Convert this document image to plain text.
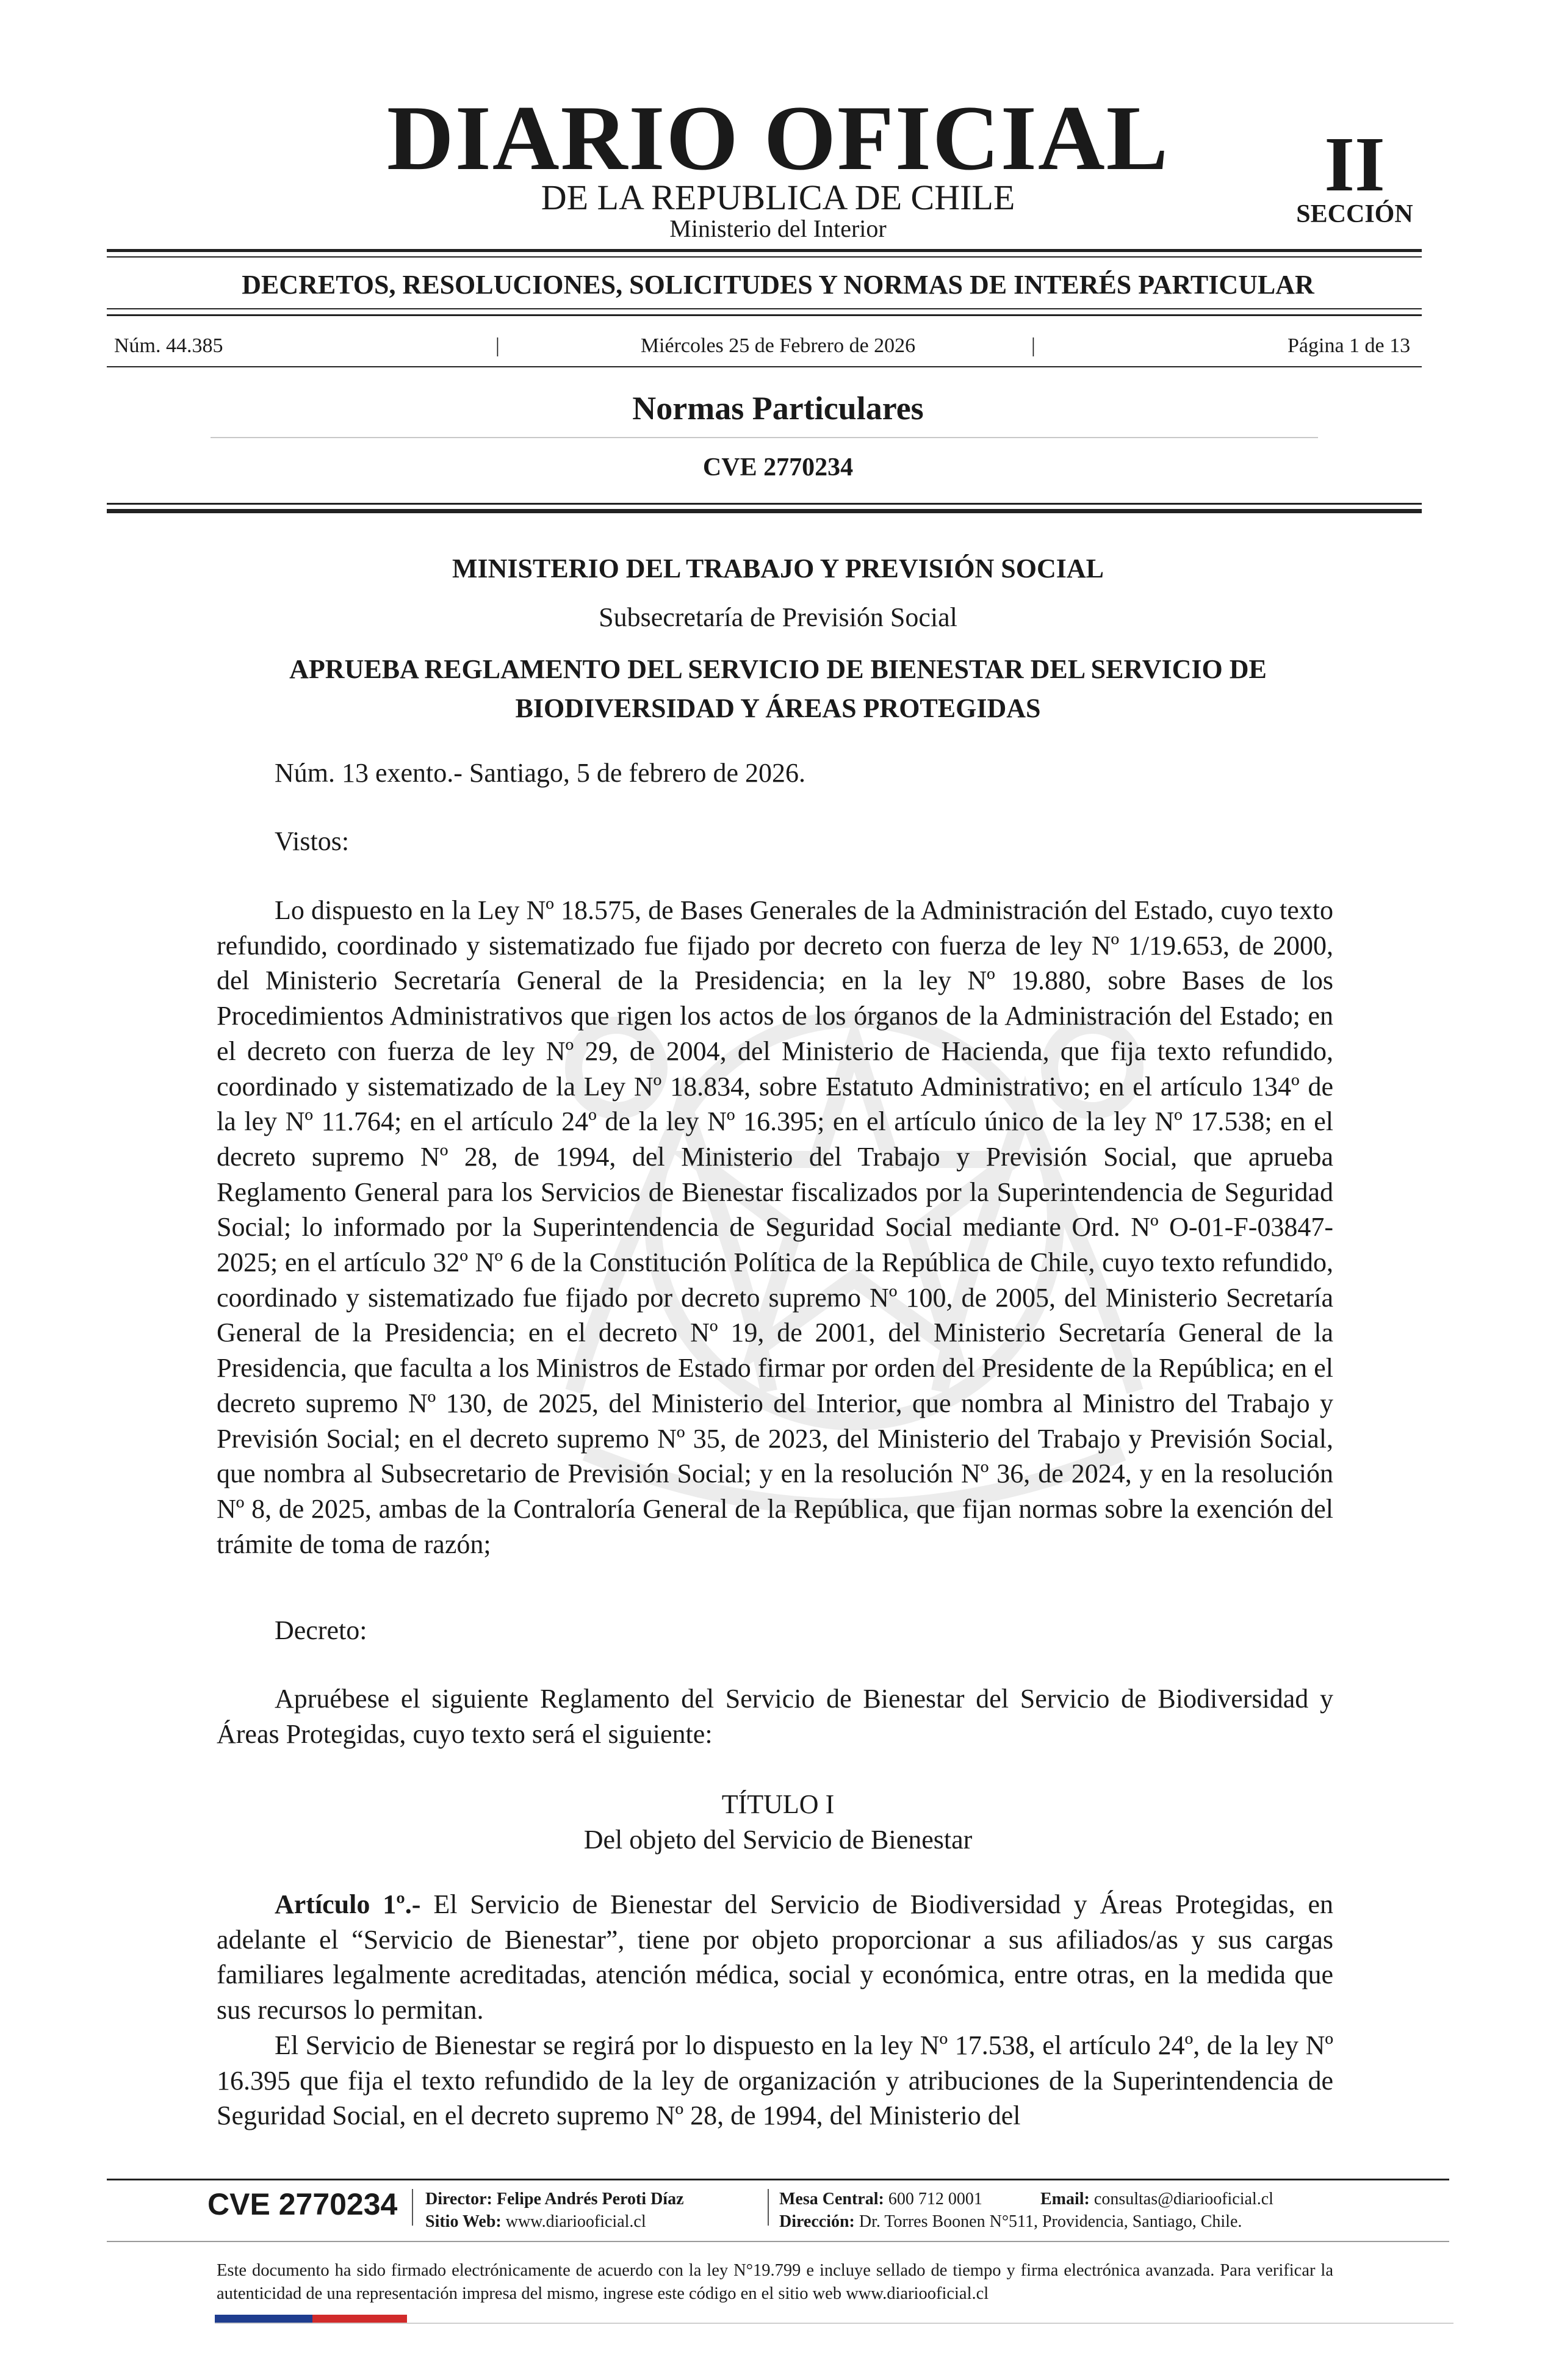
DIARIO OFICIAL
DE LA REPUBLICA DE CHILE
Ministerio del Interior
II
SECCIÓN
DECRETOS, RESOLUCIONES, SOLICITUDES Y NORMAS DE INTERÉS PARTICULAR
Núm. 44.385	|	Miércoles 25 de Febrero de 2026	|	Página 1 de 13
Normas Particulares
CVE 2770234
MINISTERIO DEL TRABAJO Y PREVISIÓN SOCIAL
Subsecretaría de Previsión Social
APRUEBA REGLAMENTO DEL SERVICIO DE BIENESTAR DEL SERVICIO DE
BIODIVERSIDAD Y ÁREAS PROTEGIDAS
Núm. 13 exento.- Santiago, 5 de febrero de 2026.
Vistos:

Lo dispuesto en la Ley Nº 18.575, de Bases Generales de la Administración del Estado, cuyo texto refundido, coordinado y sistematizado fue fijado por decreto con fuerza de ley Nº 1/19.653, de 2000, del Ministerio Secretaría General de la Presidencia; en la ley Nº 19.880, sobre Bases de los Procedimientos Administrativos que rigen los actos de los órganos de la Administración del Estado; en el decreto con fuerza de ley Nº 29, de 2004, del Ministerio de Hacienda, que fija texto refundido, coordinado y sistematizado de la Ley Nº 18.834, sobre Estatuto Administrativo; en el artículo 134º de la ley Nº 11.764; en el artículo 24º de la ley Nº 16.395; en el artículo único de la ley Nº 17.538; en el decreto supremo Nº 28, de 1994, del Ministerio del Trabajo y Previsión Social, que aprueba Reglamento General para los Servicios de Bienestar fiscalizados por la Superintendencia de Seguridad Social; lo informado por la Superintendencia de Seguridad Social mediante Ord. Nº O-01-F-03847-2025; en el artículo 32º Nº 6 de la Constitución Política de la República de Chile, cuyo texto refundido, coordinado y sistematizado fue fijado por decreto supremo Nº 100, de 2005, del Ministerio Secretaría General de la Presidencia; en el decreto Nº 19, de 2001, del Ministerio Secretaría General de la Presidencia, que faculta a los Ministros de Estado firmar por orden del Presidente de la República; en el decreto supremo Nº 130, de 2025, del Ministerio del Interior, que nombra al Ministro del Trabajo y Previsión Social; en el decreto supremo Nº 35, de 2023, del Ministerio del Trabajo y Previsión Social, que nombra al Subsecretario de Previsión Social; y en la resolución Nº 36, de 2024, y en la resolución Nº 8, de 2025, ambas de la Contraloría General de la República, que fijan normas sobre la exención del trámite de toma de razón;

Decreto:

Apruébese el siguiente Reglamento del Servicio de Bienestar del Servicio de Biodiversidad y Áreas Protegidas, cuyo texto será el siguiente:

TÍTULO I
Del objeto del Servicio de Bienestar

Artículo 1º.- El Servicio de Bienestar del Servicio de Biodiversidad y Áreas Protegidas, en adelante el “Servicio de Bienestar”, tiene por objeto proporcionar a sus afiliados/as y sus cargas familiares legalmente acreditadas, atención médica, social y económica, entre otras, en la medida que sus recursos lo permitan.

El Servicio de Bienestar se regirá por lo dispuesto en la ley Nº 17.538, el artículo 24º, de la ley Nº 16.395 que fija el texto refundido de la ley de organización y atribuciones de la Superintendencia de Seguridad Social, en el decreto supremo Nº 28, de 1994, del Ministerio del

CVE 2770234 Director: Felipe Andrés Peroti Díaz
Sitio Web: www.diariooficial.cl
Mesa Central: 600 712 0001	Email: consultas@diariooficial.cl
Dirección: Dr. Torres Boonen N°511, Providencia, Santiago, Chile.
Este documento ha sido firmado electrónicamente de acuerdo con la ley N°19.799 e incluye sellado de tiempo y firma electrónica avanzada. Para verificar la autenticidad de una representación impresa del mismo, ingrese este código en el sitio web www.diariooficial.cl
